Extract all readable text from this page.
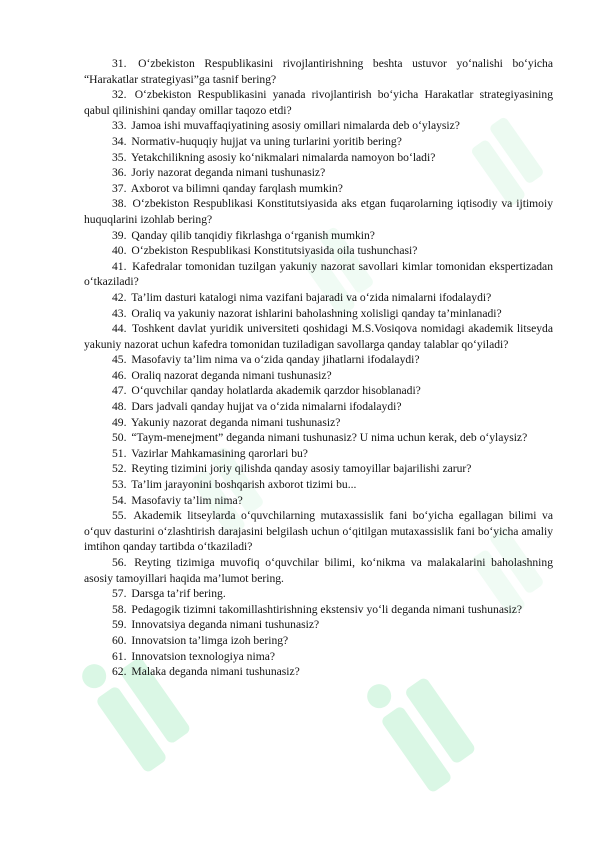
31. O‘zbekiston Respublikasini rivojlantirishning beshta ustuvor yo‘nalishi bo‘yicha “Harakatlar strategiyasi”ga tasnif bering?

32. O‘zbekiston Respublikasini yanada rivojlantirish bo‘yicha Harakatlar strategiyasining qabul qilinishini qanday omillar taqozo etdi?

33. Jamoa ishi muvaffaqiyatining asosiy omillari nimalarda deb o‘ylaysiz?

34. Normativ-huquqiy hujjat va uning turlarini yoritib bering?

35. Yetakchilikning asosiy ko‘nikmalari nimalarda namoyon bo‘ladi?

36. Joriy nazorat deganda nimani tushunasiz?

37. Axborot va bilimni qanday farqlash mumkin?

38. O‘zbekiston Respublikasi Konstitutsiyasida aks etgan fuqarolarning iqtisodiy va ijtimoiy huquqlarini izohlab bering?

39. Qanday qilib tanqidiy fikrlashga o‘rganish mumkin?

40. O‘zbekiston Respublikasi Konstitutsiyasida oila tushunchasi?

41. Kafedralar tomonidan tuzilgan yakuniy nazorat savollari kimlar tomonidan ekspertizadan o‘tkaziladi?

42. Ta’lim dasturi katalogi nima vazifani bajaradi va o‘zida nimalarni ifodalaydi?

43. Oraliq va yakuniy nazorat ishlarini baholashning xolisligi qanday ta’minlanadi?

44. Toshkent davlat yuridik universiteti qoshidagi M.S.Vosiqova nomidagi akademik litseyda yakuniy nazorat uchun kafedra tomonidan tuziladigan savollarga qanday talablar qo‘yiladi?

45. Masofaviy ta’lim nima va o‘zida qanday jihatlarni ifodalaydi?

46. Oraliq nazorat deganda nimani tushunasiz?

47. O‘quvchilar qanday holatlarda akademik qarzdor hisoblanadi?

48. Dars jadvali qanday hujjat va o‘zida nimalarni ifodalaydi?

49. Yakuniy nazorat deganda nimani tushunasiz?

50. “Taym-menejment” deganda nimani tushunasiz? U nima uchun kerak, deb o‘ylaysiz?

51. Vazirlar Mahkamasining qarorlari bu?

52. Reyting tizimini joriy qilishda qanday asosiy tamoyillar bajarilishi zarur?

53. Ta’lim jarayonini boshqarish axborot tizimi bu...

54. Masofaviy ta’lim nima?

55. Akademik litseylarda o‘quvchilarning mutaxassislik fani bo‘yicha egallagan bilimi va o‘quv dasturini o‘zlashtirish darajasini belgilash uchun o‘qitilgan mutaxassislik fani bo‘yicha amaliy imtihon qanday tartibda o‘tkaziladi?

56. Reyting tizimiga muvofiq o‘quvchilar bilimi, ko‘nikma va malakalarini baholashning asosiy tamoyillari haqida ma’lumot bering.

57. Darsga ta’rif bering.

58. Pedagogik tizimni takomillashtirishning ekstensiv yo‘li deganda nimani tushunasiz?

59. Innovatsiya deganda nimani tushunasiz?

60. Innovatsion ta’limga izoh bering?

61. Innovatsion texnologiya nima?

62. Malaka deganda nimani tushunasiz?
